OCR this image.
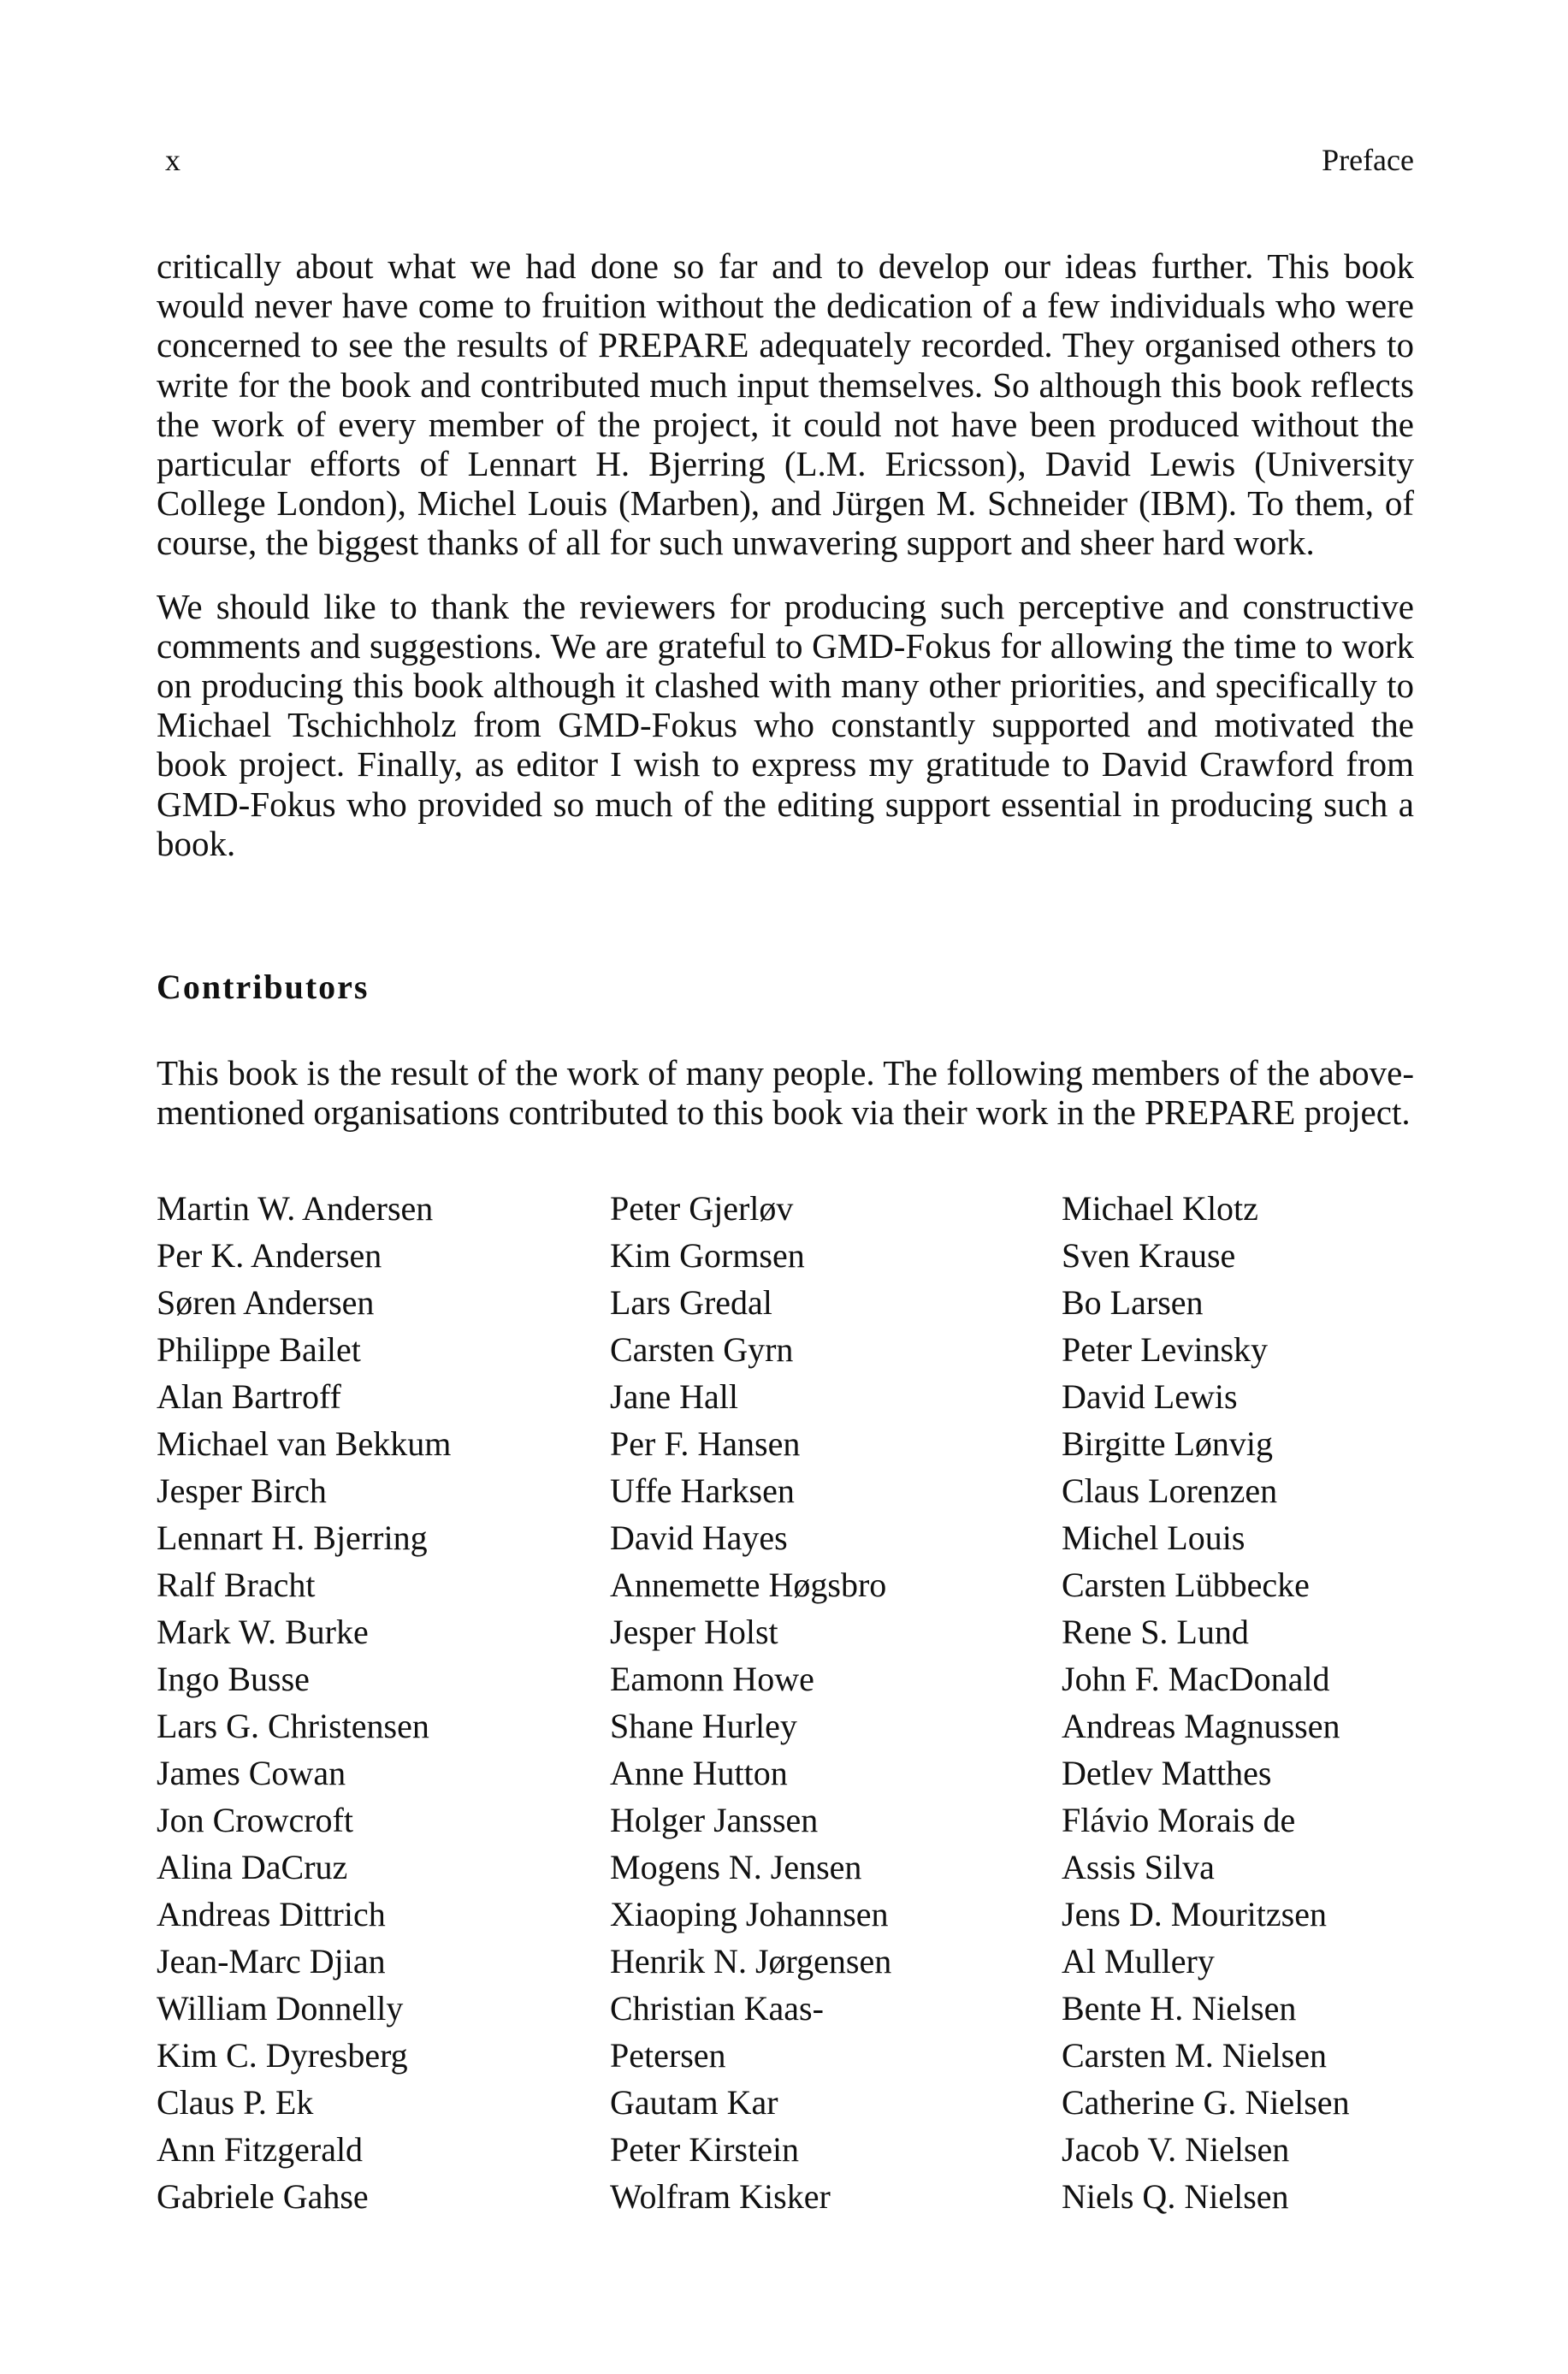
x	Preface

critically about what we had done so far and to develop our ideas further. This book would never have come to fruition without the dedication of a few individuals who were concerned to see the results of PREPARE adequately recorded. They organised others to write for the book and contributed much input themselves. So although this book reflects the work of every member of the project, it could not have been produced without the particular efforts of Lennart H. Bjerring (L.M. Ericsson), David Lewis (University College London), Michel Louis (Marben), and Jürgen M. Schneider (IBM). To them, of course, the biggest thanks of all for such unwavering support and sheer hard work.

We should like to thank the reviewers for producing such perceptive and constructive comments and suggestions. We are grateful to GMD-Fokus for allowing the time to work on producing this book although it clashed with many other priorities, and specifically to Michael Tschichholz from GMD-Fokus who constantly supported and motivated the book project. Finally, as editor I wish to express my gratitude to David Crawford from GMD-Fokus who provided so much of the editing support essential in producing such a book.

Contributors

This book is the result of the work of many people. The following members of the above-mentioned organisations contributed to this book via their work in the PREPARE project.

Martin W. Andersen
Per K. Andersen
Søren Andersen
Philippe Bailet
Alan Bartroff
Michael van Bekkum
Jesper Birch
Lennart H. Bjerring
Ralf Bracht
Mark W. Burke
Ingo Busse
Lars G. Christensen
James Cowan
Jon Crowcroft
Alina DaCruz
Andreas Dittrich
Jean-Marc Djian
William Donnelly
Kim C. Dyresberg
Claus P. Ek
Ann Fitzgerald
Gabriele Gahse
Peter Gjerløv
Kim Gormsen
Lars Gredal
Carsten Gyrn
Jane Hall
Per F. Hansen
Uffe Harksen
David Hayes
Annemette Høgsbro
Jesper Holst
Eamonn Howe
Shane Hurley
Anne Hutton
Holger Janssen
Mogens N. Jensen
Xiaoping Johannsen
Henrik N. Jørgensen
Christian Kaas-
Petersen
Gautam Kar
Peter Kirstein
Wolfram Kisker
Michael Klotz
Sven Krause
Bo Larsen
Peter Levinsky
David Lewis
Birgitte Lønvig
Claus Lorenzen
Michel Louis
Carsten Lübbecke
Rene S. Lund
John F. MacDonald
Andreas Magnussen
Detlev Matthes
Flávio Morais de
Assis Silva
Jens D. Mouritzsen
Al Mullery
Bente H. Nielsen
Carsten M. Nielsen
Catherine G. Nielsen
Jacob V. Nielsen
Niels Q. Nielsen
